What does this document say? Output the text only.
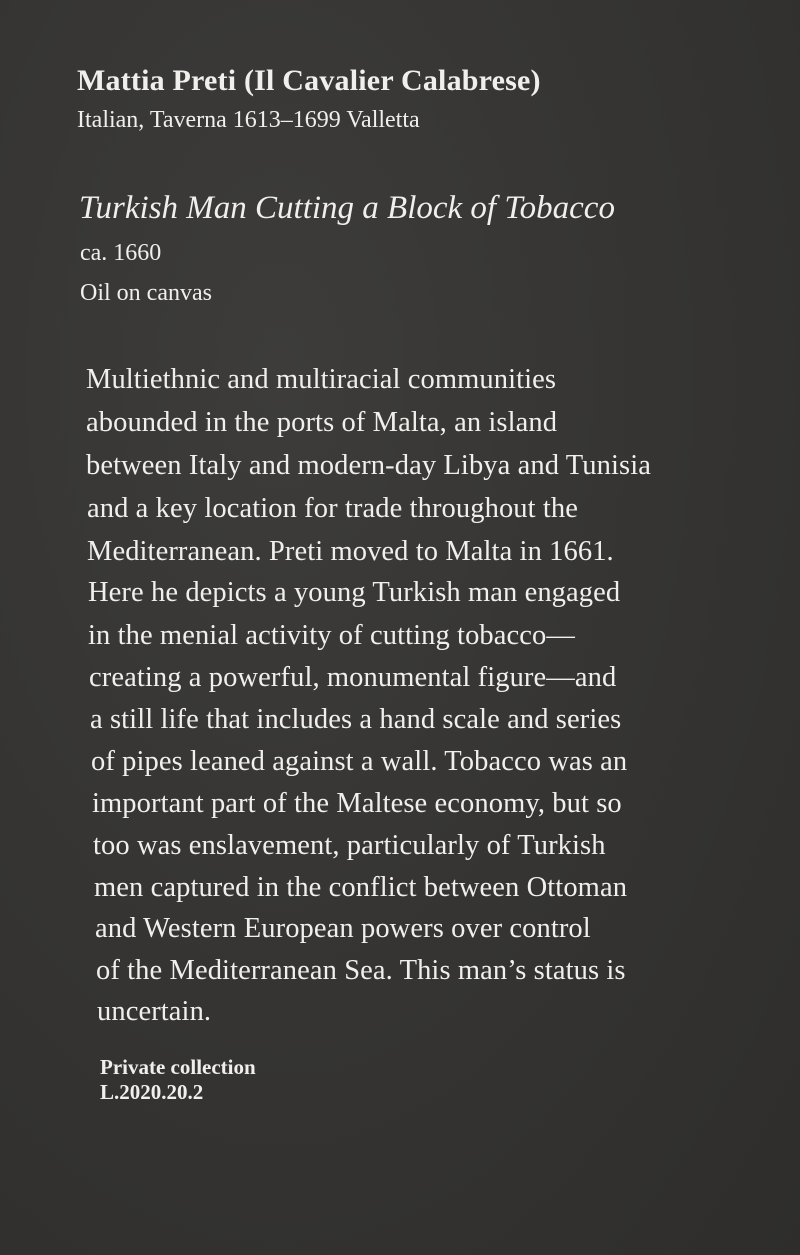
Mattia Preti (Il Cavalier Calabrese)
Italian, Taverna 1613–1699 Valletta
Turkish Man Cutting a Block of Tobacco
ca. 1660
Oil on canvas
Multiethnic and multiracial communities
abounded in the ports of Malta, an island
between Italy and modern-day Libya and Tunisia
and a key location for trade throughout the
Mediterranean. Preti moved to Malta in 1661.
Here he depicts a young Turkish man engaged
in the menial activity of cutting tobacco—
creating a powerful, monumental figure—and
a still life that includes a hand scale and series
of pipes leaned against a wall. Tobacco was an
important part of the Maltese economy, but so
too was enslavement, particularly of Turkish
men captured in the conflict between Ottoman
and Western European powers over control
of the Mediterranean Sea. This man’s status is
uncertain.
Private collection
L.2020.20.2
